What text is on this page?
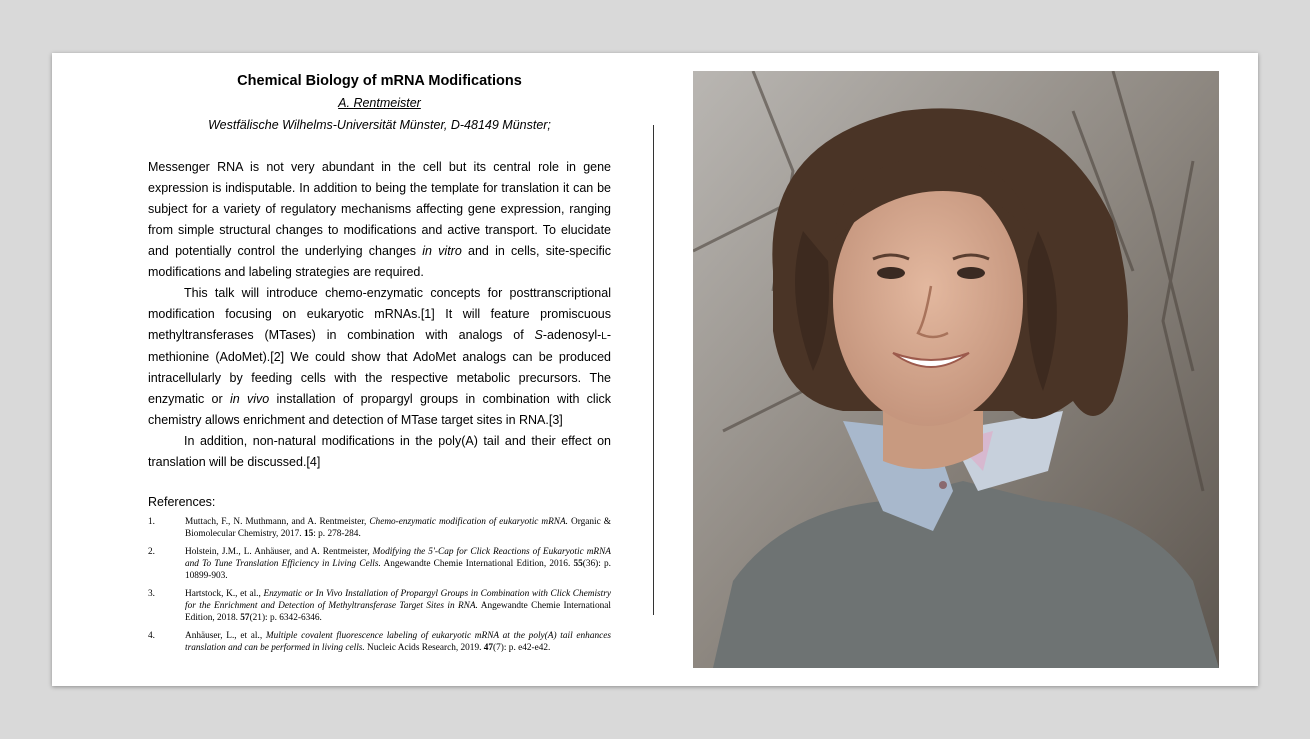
Chemical Biology of mRNA Modifications
A. Rentmeister
Westfälische Wilhelms-Universität Münster, D-48149 Münster;

Messenger RNA is not very abundant in the cell but its central role in gene expression is indisputable. In addition to being the template for translation it can be subject for a variety of regulatory mechanisms affecting gene expression, ranging from simple structural changes to modifications and active transport. To elucidate and potentially control the underlying changes in vitro and in cells, site-specific modifications and labeling strategies are required.

This talk will introduce chemo-enzymatic concepts for posttranscriptional modification focusing on eukaryotic mRNAs.[1] It will feature promiscuous methyltransferases (MTases) in combination with analogs of S-adenosyl-L-methionine (AdoMet).[2] We could show that AdoMet analogs can be produced intracellularly by feeding cells with the respective metabolic precursors. The enzymatic or in vivo installation of propargyl groups in combination with click chemistry allows enrichment and detection of MTase target sites in RNA.[3]

In addition, non-natural modifications in the poly(A) tail and their effect on translation will be discussed.[4]

References:
1.	Muttach, F., N. Muthmann, and A. Rentmeister, Chemo-enzymatic modification of eukaryotic mRNA. Organic & Biomolecular Chemistry, 2017. 15: p. 278-284.
2.	Holstein, J.M., L. Anhäuser, and A. Rentmeister, Modifying the 5'-Cap for Click Reactions of Eukaryotic mRNA and To Tune Translation Efficiency in Living Cells. Angewandte Chemie International Edition, 2016. 55(36): p. 10899-903.
3.	Hartstock, K., et al., Enzymatic or In Vivo Installation of Propargyl Groups in Combination with Click Chemistry for the Enrichment and Detection of Methyltransferase Target Sites in RNA. Angewandte Chemie International Edition, 2018. 57(21): p. 6342-6346.
4.	Anhäuser, L., et al., Multiple covalent fluorescence labeling of eukaryotic mRNA at the poly(A) tail enhances translation and can be performed in living cells. Nucleic Acids Research, 2019. 47(7): p. e42-e42.
